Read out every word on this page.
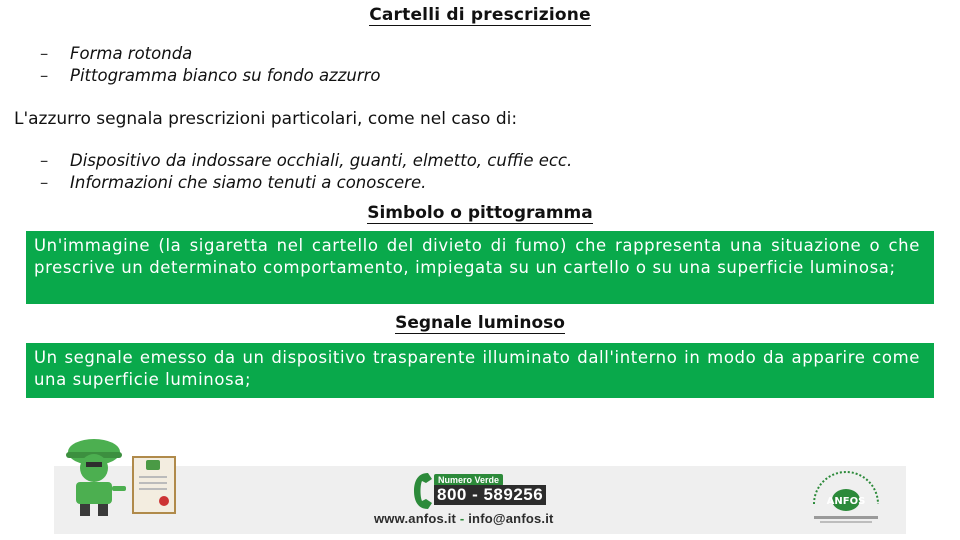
Cartelli di prescrizione
– Forma rotonda
– Pittogramma bianco su fondo azzurro
L'azzurro segnala prescrizioni particolari, come nel caso di:
– Dispositivo da indossare occhiali, guanti, elmetto, cuffie ecc.
– Informazioni che siamo tenuti a conoscere.
Simbolo o pittogramma
Un'immagine (la sigaretta nel cartello del divieto di fumo) che rappresenta una situazione o che prescrive un determinato comportamento, impiegata su un cartello o su una superficie luminosa;
Segnale luminoso
Un segnale emesso da un dispositivo trasparente illuminato dall'interno in modo da apparire come una superficie luminosa;
Numero Verde
800 - 589256
www.anfos.it - info@anfos.it
ANFOS
